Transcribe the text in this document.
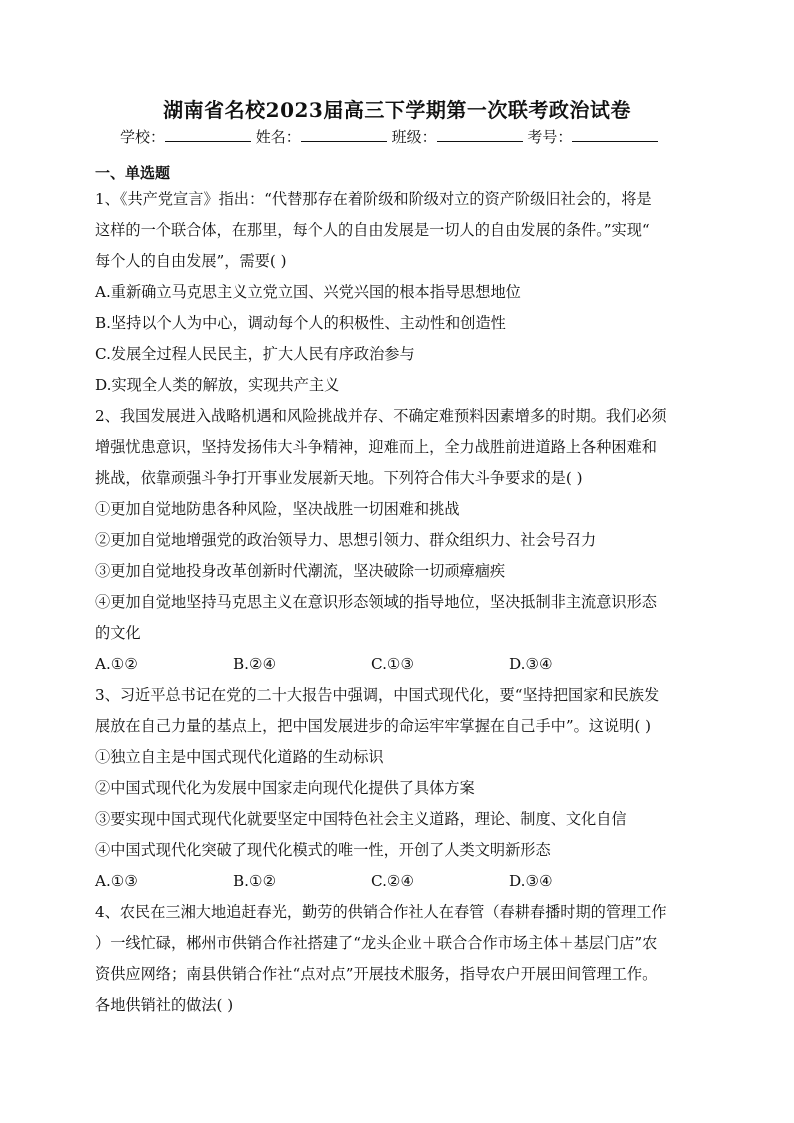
湖南省名校2023届高三下学期第一次联考政治试卷
学校：	姓名：	班级：	考号：
一、单选题
1、《共产党宣言》指出：“代替那存在着阶级和阶级对立的资产阶级旧社会的，将是
这样的一个联合体，在那里，每个人的自由发展是一切人的自由发展的条件。”实现“
每个人的自由发展”，需要( )
A.重新确立马克思主义立党立国、兴党兴国的根本指导思想地位
B.坚持以个人为中心，调动每个人的积极性、主动性和创造性
C.发展全过程人民民主，扩大人民有序政治参与
D.实现全人类的解放，实现共产主义
2、我国发展进入战略机遇和风险挑战并存、不确定难预料因素增多的时期。我们必须
增强忧患意识，坚持发扬伟大斗争精神，迎难而上，全力战胜前进道路上各种困难和
挑战，依靠顽强斗争打开事业发展新天地。下列符合伟大斗争要求的是( )
①更加自觉地防患各种风险，坚决战胜一切困难和挑战
②更加自觉地增强党的政治领导力、思想引领力、群众组织力、社会号召力
③更加自觉地投身改革创新时代潮流，坚决破除一切顽瘴痼疾
④更加自觉地坚持马克思主义在意识形态领域的指导地位，坚决抵制非主流意识形态
的文化
A.①②	B.②④	C.①③	D.③④
3、习近平总书记在党的二十大报告中强调，中国式现代化，要“坚持把国家和民族发
展放在自己力量的基点上，把中国发展进步的命运牢牢掌握在自己手中”。这说明( )
①独立自主是中国式现代化道路的生动标识
②中国式现代化为发展中国家走向现代化提供了具体方案
③要实现中国式现代化就要坚定中国特色社会主义道路，理论、制度、文化自信
④中国式现代化突破了现代化模式的唯一性，开创了人类文明新形态
A.①③	B.①②	C.②④	D.③④
4、农民在三湘大地追赶春光，勤劳的供销合作社人在春管（春耕春播时期的管理工作
）一线忙碌，郴州市供销合作社搭建了“龙头企业＋联合合作市场主体＋基层门店”农
资供应网络；南县供销合作社“点对点”开展技术服务，指导农户开展田间管理工作。
各地供销社的做法( )
